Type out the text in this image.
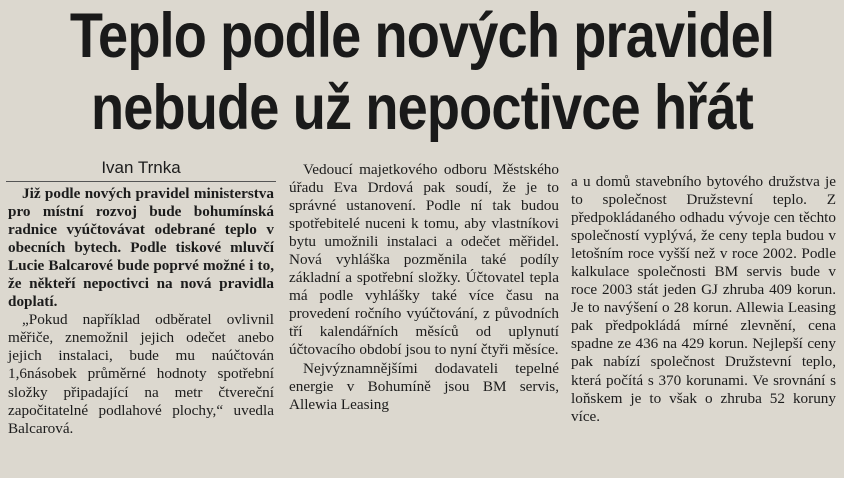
Teplo podle nových pravidel
nebude už nepoctivce hřát
Ivan Trnka

Již podle nových pravidel ministerstva pro místní rozvoj bude bohumínská radnice vyúčtovávat odebrané teplo v obecních bytech. Podle tiskové mluvčí Lucie Balcarové bude poprvé možné i to, že někteří nepoctivci na nová pravidla doplatí.

„Pokud například odběratel ovlivnil měřiče, znemožnil jejich odečet anebo jejich instalaci, bude mu naúčtován 1,6násobek průměrné hodnoty spotřební složky připadající na metr čtvereční započitatelné podlahové plochy,“ uvedla Balcarová.

Vedoucí majetkového odboru Městského úřadu Eva Drdová pak soudí, že je to správné ustanovení. Podle ní tak budou spotřebitelé nuceni k tomu, aby vlastníkovi bytu umožnili instalaci a odečet měřidel. Nová vyhláška pozměnila také podíly základní a spotřební složky. Účtovatel tepla má podle vyhlášky také více času na provedení ročního vyúčtování, z původních tří kalendářních měsíců od uplynutí účtovacího období jsou to nyní čtyři měsíce.

Nejvýznamnějšími dodavateli tepelné energie v Bohumíně jsou BM servis, Allewia Leasing

a u domů stavebního bytového družstva je to společnost Družstevní teplo. Z předpokládaného odhadu vývoje cen těchto společností vyplývá, že ceny tepla budou v letošním roce vyšší než v roce 2002. Podle kalkulace společnosti BM servis bude v roce 2003 stát jeden GJ zhruba 409 korun. Je to navýšení o 28 korun. Allewia Leasing pak předpokládá mírné zlevnění, cena spadne ze 436 na 429 korun. Nejlepší ceny pak nabízí společnost Družstevní teplo, která počítá s 370 korunami. Ve srovnání s loňskem je to však o zhruba 52 koruny více.
